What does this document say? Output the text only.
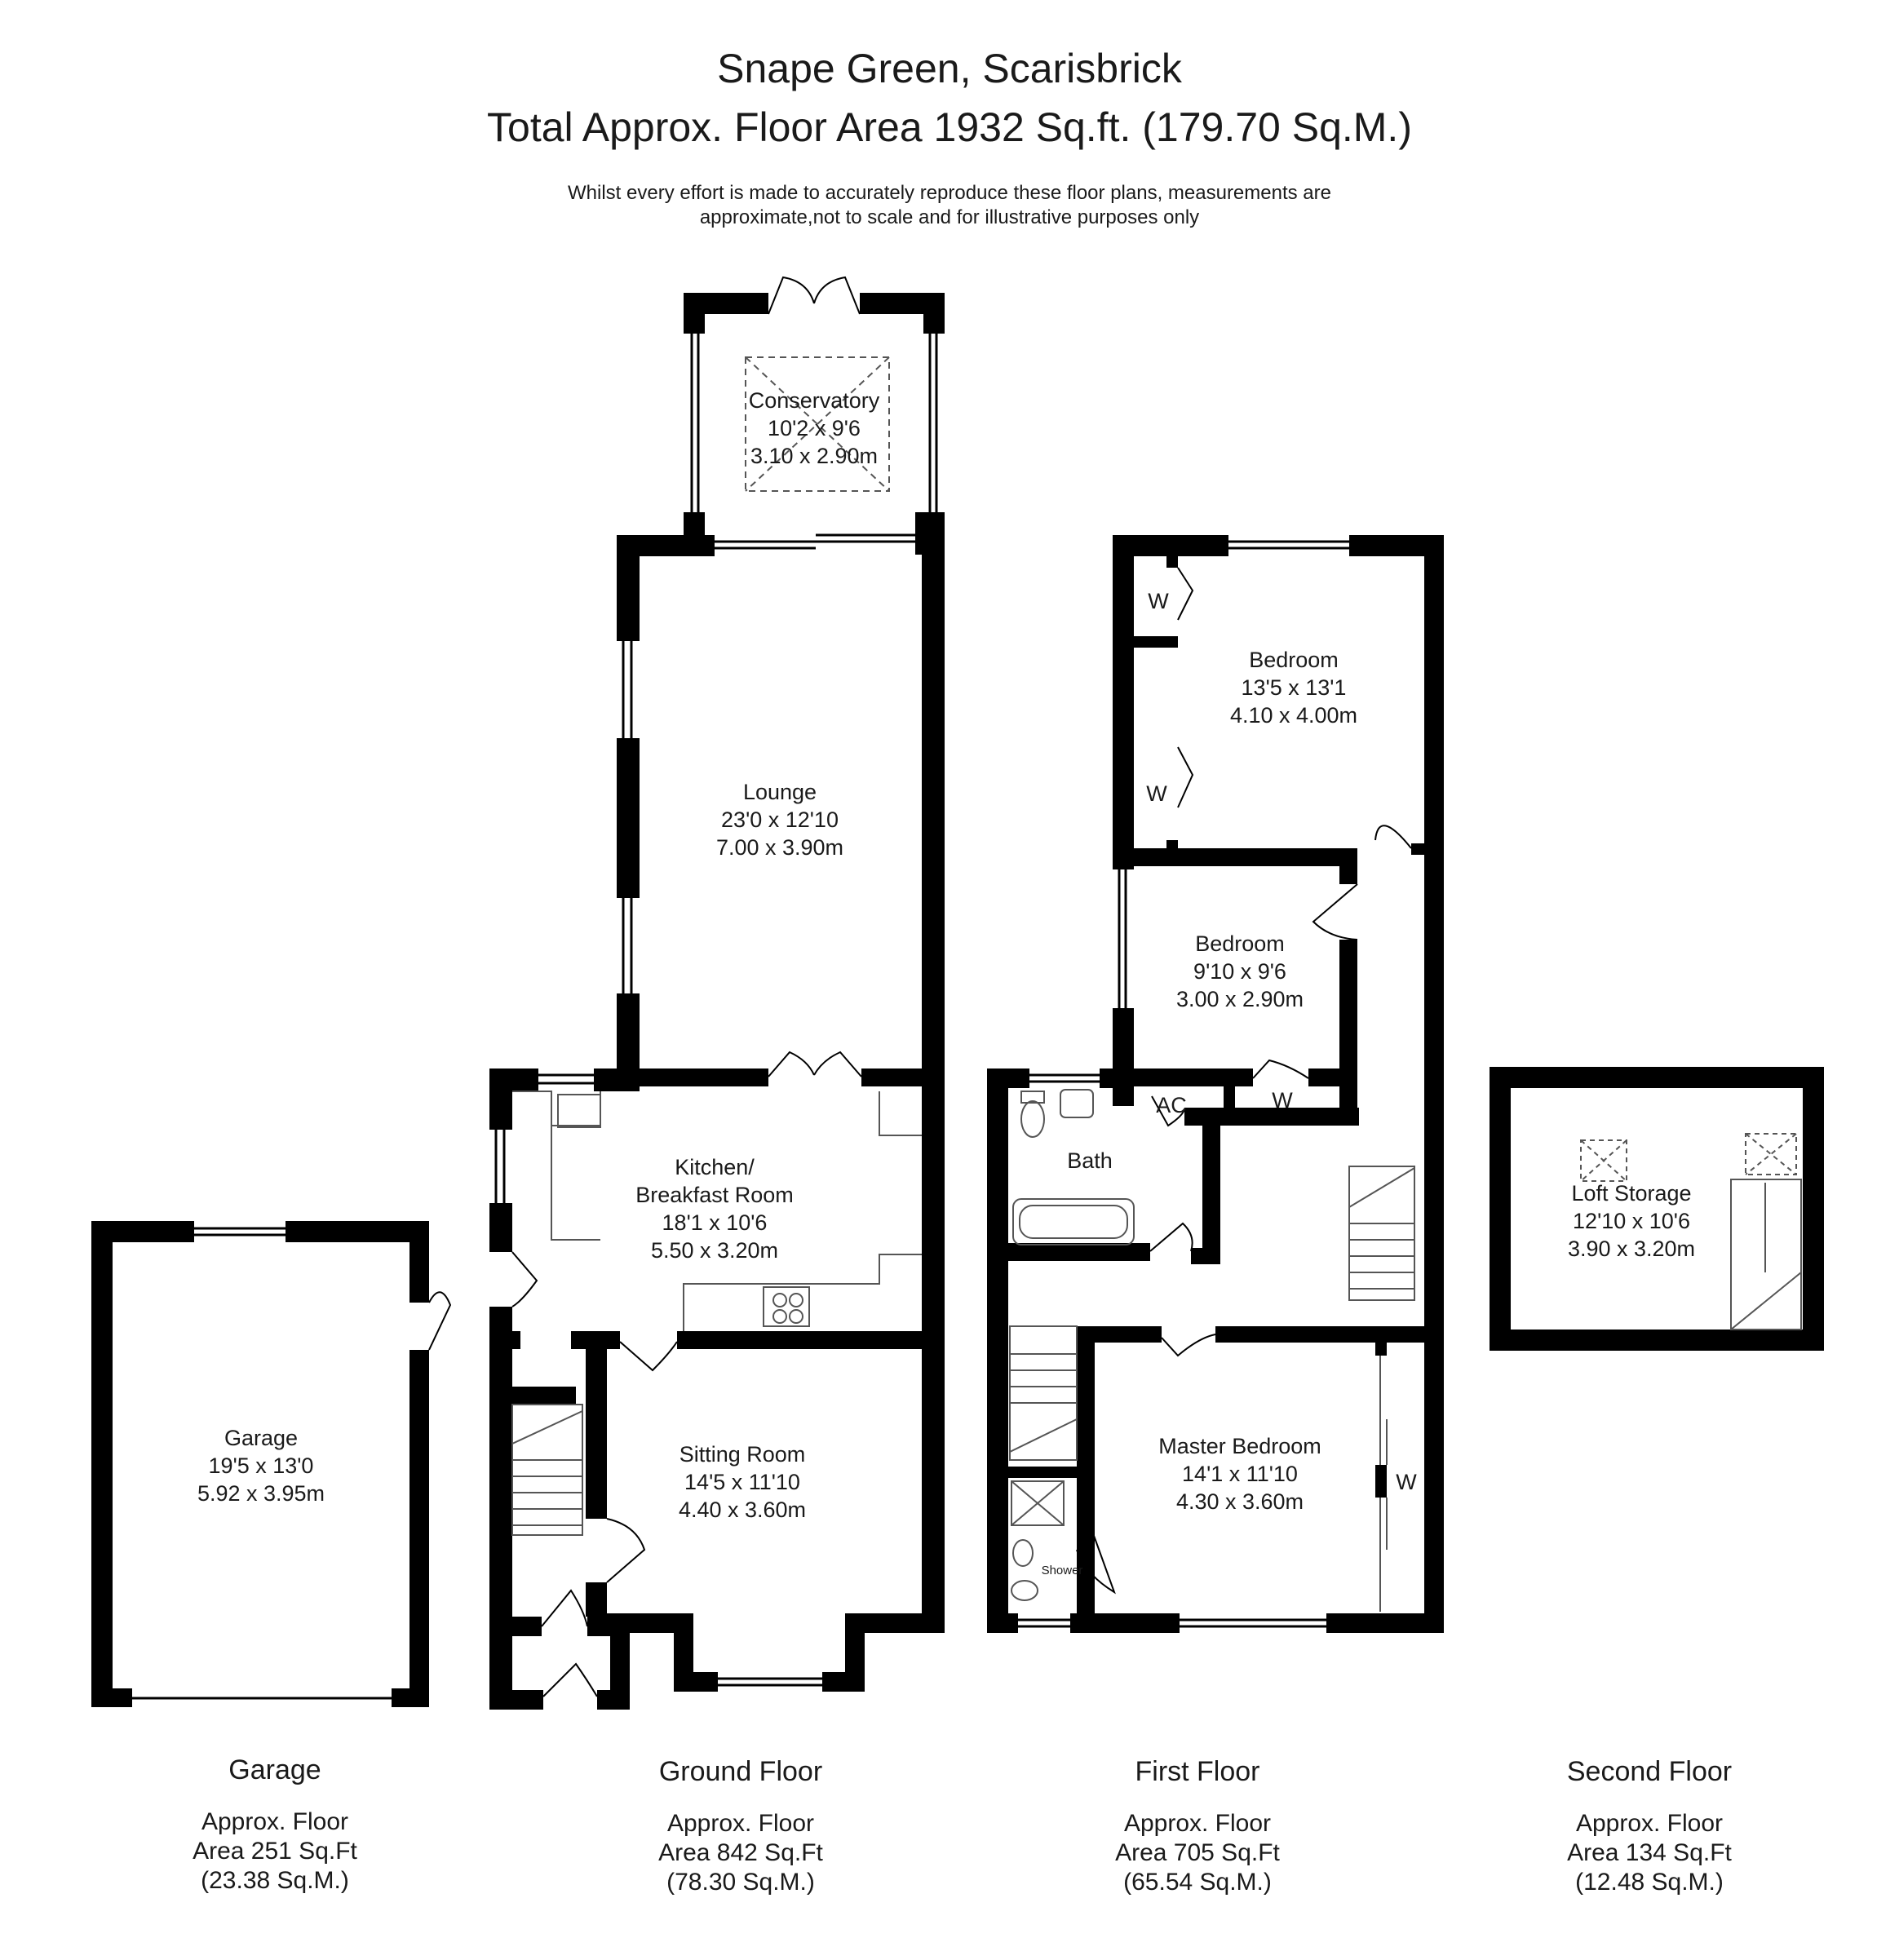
Snape Green, Scarisbrick
Total Approx. Floor Area 1932 Sq.ft. (179.70 Sq.M.)
Whilst every effort is made to accurately reproduce these floor plans, measurements are
approximate,not to scale and for illustrative purposes only
Conservatory
10'2 x 9'6
3.10 x 2.90m
Lounge
23'0 x 12'10
7.00 x 3.90m
Kitchen/
Breakfast Room
18'1 x 10'6
5.50 x 3.20m
Sitting Room
14'5 x 11'10
4.40 x 3.60m
Garage
19'5 x 13'0
5.92 x 3.95m
Bedroom
13'5 x 13'1
4.10 x 4.00m
Bedroom
9'10 x 9'6
3.00 x 2.90m
Master Bedroom
14'1 x 11'10
4.30 x 3.60m
Bath
Shower
Loft Storage
12'10 x 10'6
3.90 x 3.20m
W
W
W
W
AC
Garage
Approx. Floor
Area 251 Sq.Ft
(23.38 Sq.M.)
Ground Floor
Approx. Floor
Area 842 Sq.Ft
(78.30 Sq.M.)
First Floor
Approx. Floor
Area 705 Sq.Ft
(65.54 Sq.M.)
Second Floor
Approx. Floor
Area 134 Sq.Ft
(12.48 Sq.M.)
